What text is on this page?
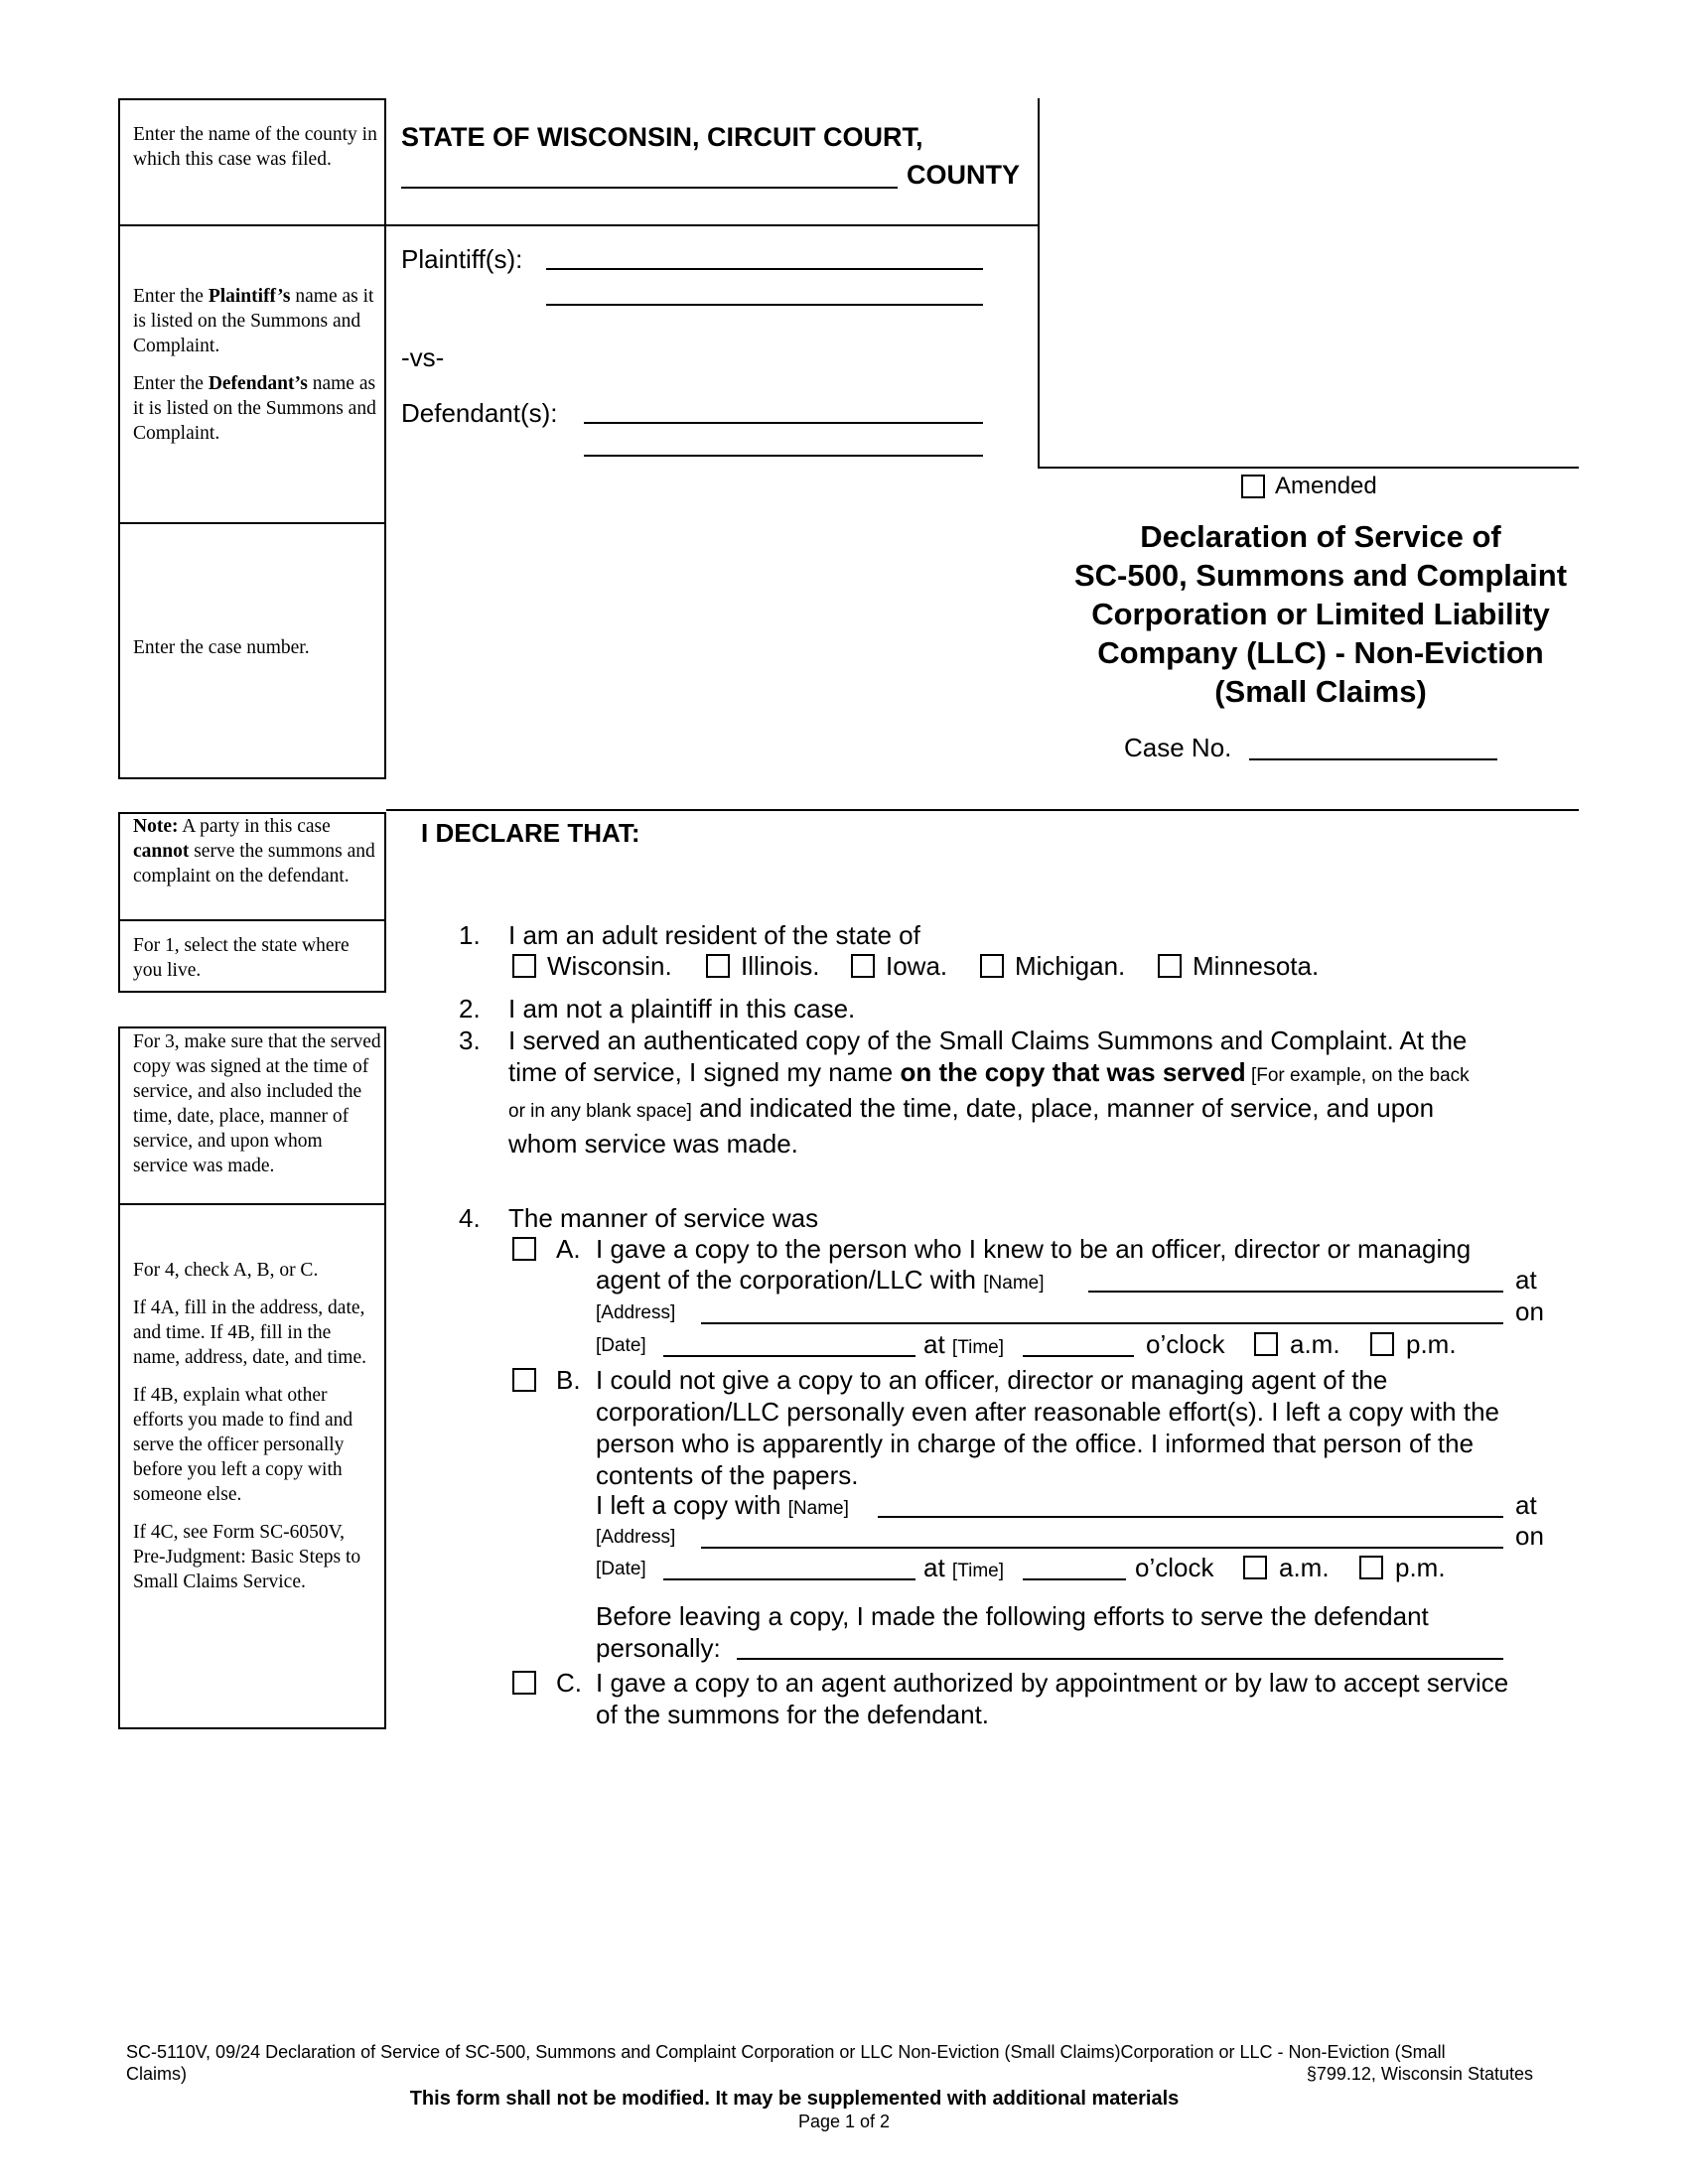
Enter the name of the county in which this case was filed.

Enter the Plaintiff’s name as it is listed on the Summons and Complaint.

Enter the Defendant’s name as it is listed on the Summons and Complaint.

Enter the case number.

Note: A party in this case cannot serve the summons and complaint on the defendant.

For 1, select the state where you live.

For 3, make sure that the served copy was signed at the time of service, and also included the time, date, place, manner of service, and upon whom service was made.

For 4, check A, B, or C.

If 4A, fill in the address, date, and time. If 4B, fill in the name, address, date, and time.

If 4B, explain what other efforts you made to find and serve the officer personally before you left a copy with someone else.

If 4C, see Form SC-6050V, Pre-Judgment: Basic Steps to Small Claims Service.

STATE OF WISCONSIN, CIRCUIT COURT,
COUNTY
Plaintiff(s):
-vs-
Defendant(s):
Amended
Declaration of Service of
SC-500, Summons and Complaint
Corporation or Limited Liability
Company (LLC) - Non-Eviction
(Small Claims)
Case No.
I DECLARE THAT:
1. I am an adult resident of the state of
Wisconsin.	Illinois.	Iowa.	Michigan.	Minnesota.
2. I am not a plaintiff in this case.
3. I served an authenticated copy of the Small Claims Summons and Complaint. At the
time of service, I signed my name on the copy that was served [For example, on the back
or in any blank space] and indicated the time, date, place, manner of service, and upon
whom service was made.
4. The manner of service was
A. I gave a copy to the person who I knew to be an officer, director or managing
agent of the corporation/LLC with [Name]	at
[Address]	on
[Date]	at [Time]	o’clock	a.m.	p.m.
B. I could not give a copy to an officer, director or managing agent of the
corporation/LLC personally even after reasonable effort(s). I left a copy with the
person who is apparently in charge of the office. I informed that person of the
contents of the papers.
I left a copy with [Name]	at
[Address]	on
[Date]	at [Time]	o’clock	a.m.	p.m.
Before leaving a copy, I made the following efforts to serve the defendant
personally:
C. I gave a copy to an agent authorized by appointment or by law to accept service
of the summons for the defendant.
SC-5110V, 09/24 Declaration of Service of SC-500, Summons and Complaint Corporation or LLC Non-Eviction (Small Claims)Corporation or LLC - Non-Eviction (Small
Claims)	§799.12, Wisconsin Statutes
This form shall not be modified. It may be supplemented with additional materials
Page 1 of 2
